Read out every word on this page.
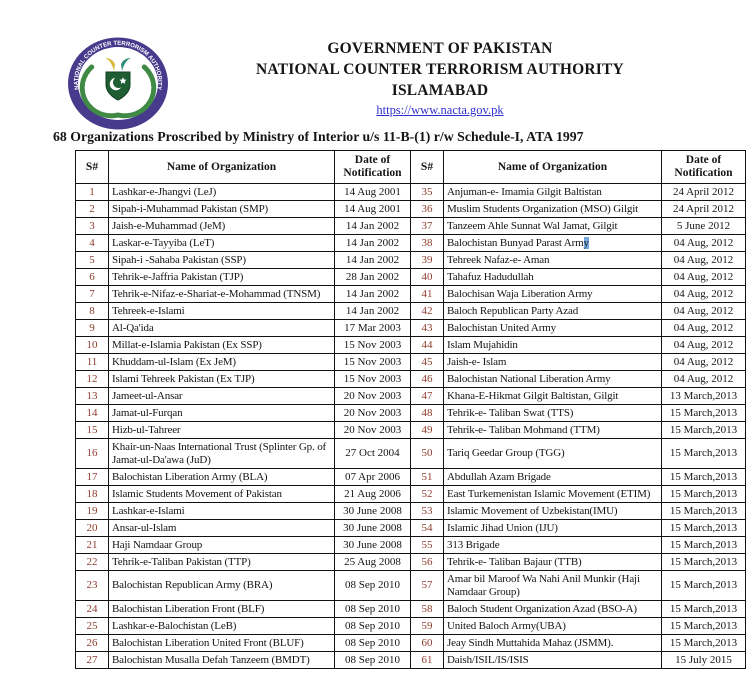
NATIONAL COUNTER TERRORISM AUTHORITY
• PAKISTAN •
GOVERNMENT OF PAKISTAN
NATIONAL COUNTER TERRORISM AUTHORITY
ISLAMABAD
https://www.nacta.gov.pk
68 Organizations Proscribed by Ministry of Interior u/s 11-B-(1) r/w Schedule-I, ATA 1997
S#	Name of Organization	Date of Notification	S#	Name of Organization	Date of Notification
1	Lashkar-e-Jhangvi (LeJ)	14 Aug 2001	35	Anjuman-e- Imamia Gilgit Baltistan	24 April 2012
2	Sipah-i-Muhammad Pakistan (SMP)	14 Aug 2001	36	Muslim Students Organization (MSO) Gilgit	24 April 2012
3	Jaish-e-Muhammad (JeM)	14 Jan 2002	37	Tanzeem Ahle Sunnat Wal Jamat, Gilgit	5 June 2012
4	Laskar-e-Tayyiba (LeT)	14 Jan 2002	38	Balochistan Bunyad Parast Army	04 Aug, 2012
5	Sipah-i -Sahaba Pakistan (SSP)	14 Jan 2002	39	Tehreek Nafaz-e- Aman	04 Aug, 2012
6	Tehrik-e-Jaffria Pakistan (TJP)	28 Jan 2002	40	Tahafuz Hadudullah	04 Aug, 2012
7	Tehrik-e-Nifaz-e-Shariat-e-Mohammad (TNSM)	14 Jan 2002	41	Balochisan Waja Liberation Army	04 Aug, 2012
8	Tehreek-e-Islami	14 Jan 2002	42	Baloch Republican Party Azad	04 Aug, 2012
9	Al-Qa'ida	17 Mar 2003	43	Balochistan United Army	04 Aug, 2012
10	Millat-e-Islamia Pakistan (Ex SSP)	15 Nov 2003	44	Islam Mujahidin	04 Aug, 2012
11	Khuddam-ul-Islam (Ex JeM)	15 Nov 2003	45	Jaish-e- Islam	04 Aug, 2012
12	Islami Tehreek Pakistan (Ex TJP)	15 Nov 2003	46	Balochistan National Liberation Army	04 Aug, 2012
13	Jameet-ul-Ansar	20 Nov 2003	47	Khana-E-Hikmat Gilgit Baltistan, Gilgit	13 March,2013
14	Jamat-ul-Furqan	20 Nov 2003	48	Tehrik-e- Taliban Swat (TTS)	15 March,2013
15	Hizb-ul-Tahreer	20 Nov 2003	49	Tehrik-e- Taliban Mohmand (TTM)	15 March,2013
16	Khair-un-Naas International Trust (Splinter Gp. of Jamat-ul-Da'awa (JuD)	27 Oct 2004	50	Tariq Geedar Group (TGG)	15 March,2013
17	Balochistan Liberation Army (BLA)	07 Apr 2006	51	Abdullah Azam Brigade	15 March,2013
18	Islamic Students Movement of Pakistan	21 Aug 2006	52	East Turkemenistan Islamic Movement (ETIM)	15 March,2013
19	Lashkar-e-Islami	30 June 2008	53	Islamic Movement of Uzbekistan(IMU)	15 March,2013
20	Ansar-ul-Islam	30 June 2008	54	Islamic Jihad Union (IJU)	15 March,2013
21	Haji Namdaar Group	30 June 2008	55	313 Brigade	15 March,2013
22	Tehrik-e-Taliban Pakistan (TTP)	25 Aug 2008	56	Tehrik-e- Taliban Bajaur (TTB)	15 March,2013
23	Balochistan Republican Army (BRA)	08 Sep 2010	57	Amar bil Maroof Wa Nahi Anil Munkir (Haji Namdaar Group)	15 March,2013
24	Balochistan Liberation Front (BLF)	08 Sep 2010	58	Baloch Student Organization Azad (BSO-A)	15 March,2013
25	Lashkar-e-Balochistan (LeB)	08 Sep 2010	59	United Baloch Army(UBA)	15 March,2013
26	Balochistan Liberation United Front (BLUF)	08 Sep 2010	60	Jeay Sindh Muttahida Mahaz (JSMM).	15 March,2013
27	Balochistan Musalla Defah Tanzeem (BMDT)	08 Sep 2010	61	Daish/ISIL/IS/ISIS	15 July 2015
